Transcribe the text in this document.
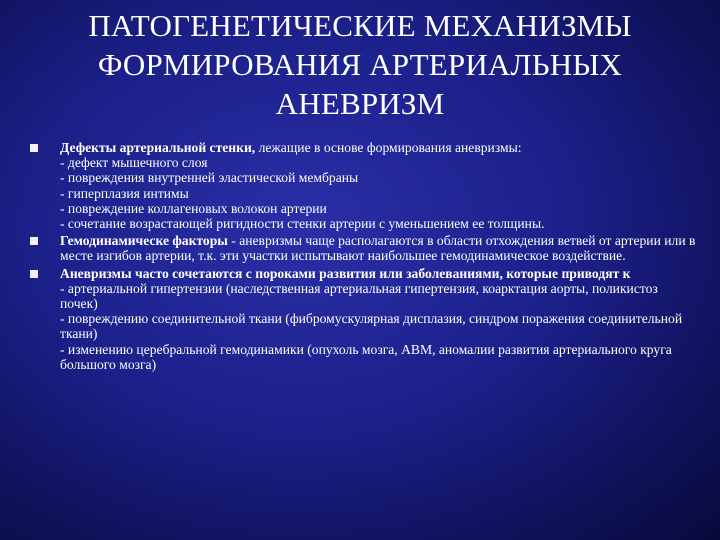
ПАТОГЕНЕТИЧЕСКИЕ МЕХАНИЗМЫ
ФОРМИРОВАНИЯ АРТЕРИАЛЬНЫХ
АНЕВРИЗМ
Дефекты артериальной стенки, лежащие в основе формирования аневризмы:
- дефект мышечного слоя
- повреждения внутренней эластической мембраны
- гиперплазия интимы
- повреждение коллагеновых волокон артерии
- сочетание возрастающей ригидности стенки артерии с уменьшением ее толщины.
Гемодинамическе факторы - аневризмы чаще располагаются в области отхождения ветвей от артерии или в месте изгибов артерии, т.к. эти участки испытывают наибольшее гемодинамическое воздействие.
Аневризмы часто сочетаются с пороками развития или заболеваниями, которые приводят к
- артериальной гипертензии (наследственная артериальная гипертензия, коарктация аорты, поликистоз почек)
- повреждению соединительной ткани (фибромускулярная дисплазия, синдром поражения соединительной ткани)
- изменению церебральной гемодинамики (опухоль мозга, АВМ, аномалии развития артериального круга большого мозга)
